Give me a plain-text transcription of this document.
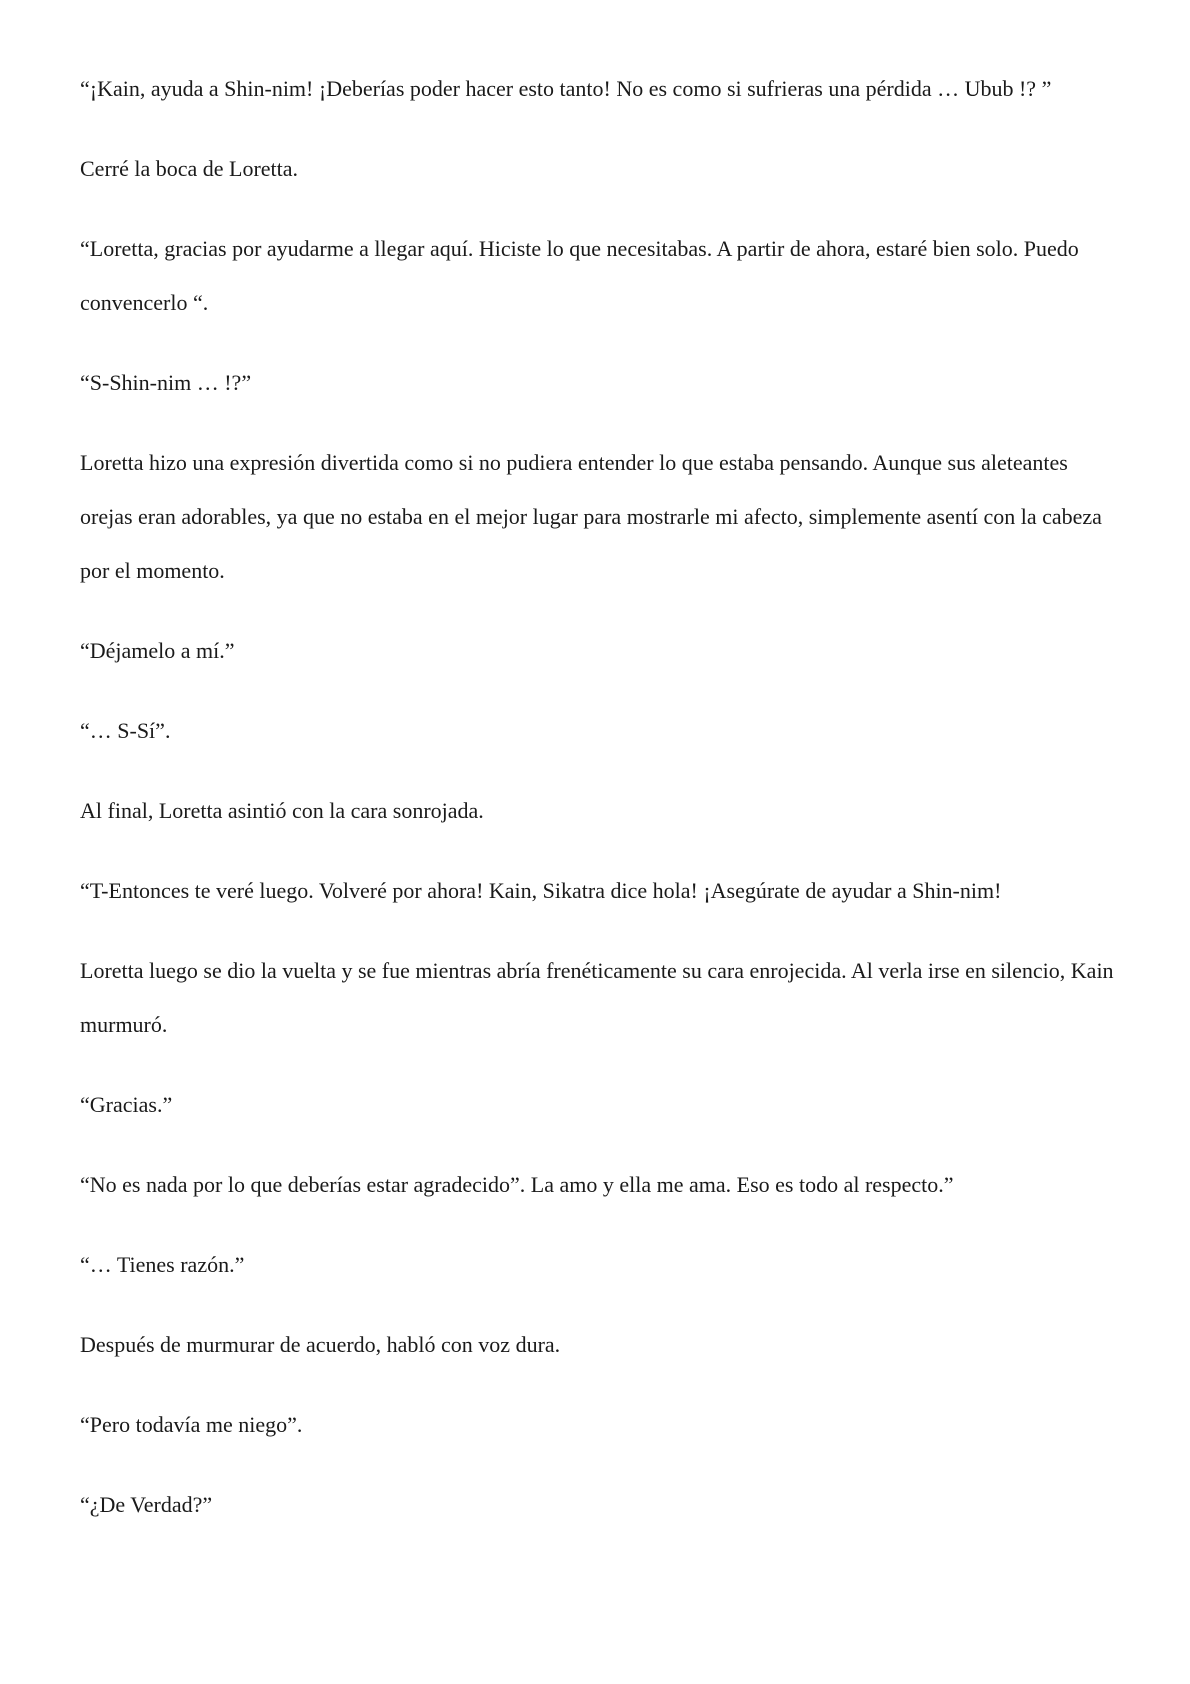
“¡Kain, ayuda a Shin-nim! ¡Deberías poder hacer esto tanto! No es como si sufrieras una pérdida … Ubub !? ”

Cerré la boca de Loretta.

“Loretta, gracias por ayudarme a llegar aquí. Hiciste lo que necesitabas. A partir de ahora, estaré bien solo. Puedo convencerlo “.

“S-Shin-nim … !?”

Loretta hizo una expresión divertida como si no pudiera entender lo que estaba pensando. Aunque sus aleteantes orejas eran adorables, ya que no estaba en el mejor lugar para mostrarle mi afecto, simplemente asentí con la cabeza por el momento.

“Déjamelo a mí.”

“… S-Sí”.

Al final, Loretta asintió con la cara sonrojada.

“T-Entonces te veré luego. Volveré por ahora! Kain, Sikatra dice hola! ¡Asegúrate de ayudar a Shin-nim!

Loretta luego se dio la vuelta y se fue mientras abría frenéticamente su cara enrojecida. Al verla irse en silencio, Kain murmuró.

“Gracias.”

“No es nada por lo que deberías estar agradecido”. La amo y ella me ama. Eso es todo al respecto.”

“… Tienes razón.”

Después de murmurar de acuerdo, habló con voz dura.

“Pero todavía me niego”.

“¿De Verdad?”
